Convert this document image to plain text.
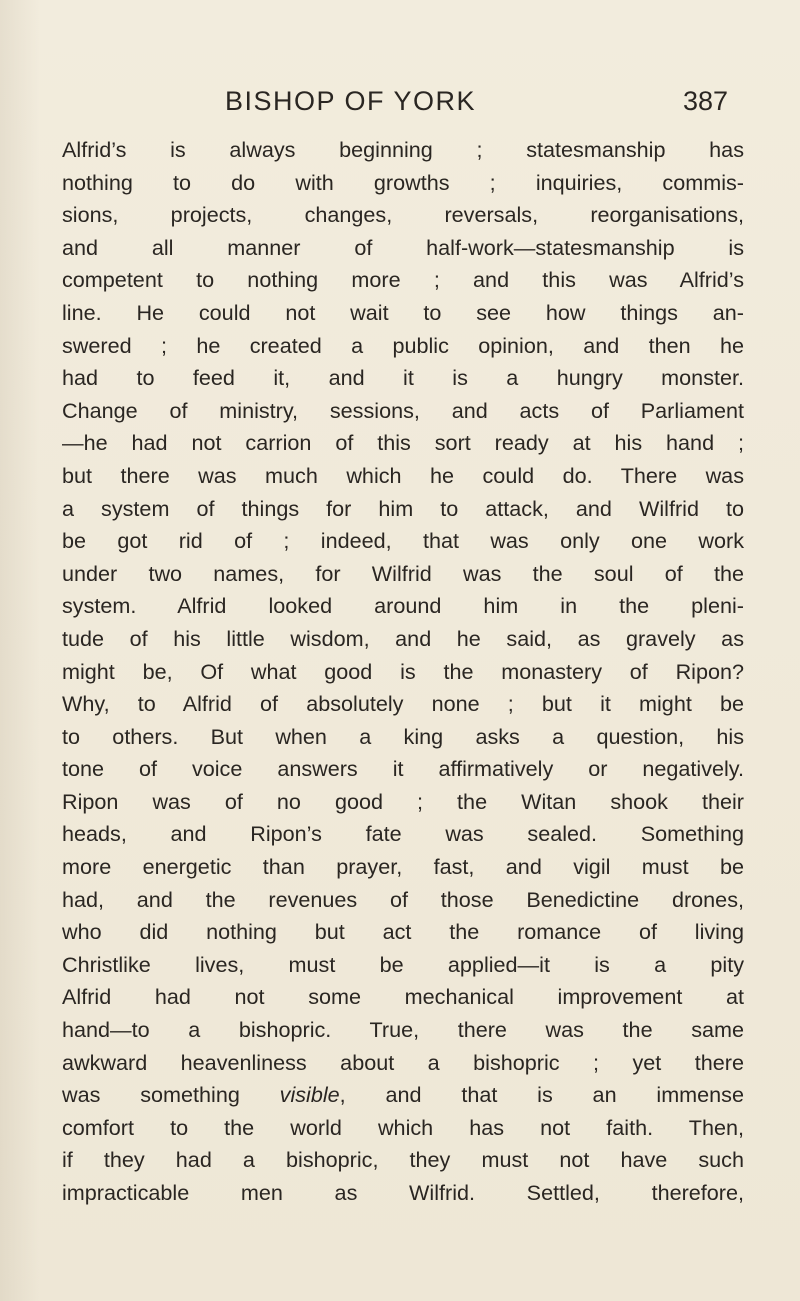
BISHOP OF YORK	387
Alfrid’s is always beginning ; statesmanship has
nothing to do with growths ; inquiries, commis-
sions, projects, changes, reversals, reorganisations,
and all manner of half-work—statesmanship is
competent to nothing more ; and this was Alfrid’s
line. He could not wait to see how things an-
swered ; he created a public opinion, and then he
had to feed it, and it is a hungry monster.
Change of ministry, sessions, and acts of Parliament
—he had not carrion of this sort ready at his hand ;
but there was much which he could do. There was
a system of things for him to attack, and Wilfrid to
be got rid of ; indeed, that was only one work
under two names, for Wilfrid was the soul of the
system. Alfrid looked around him in the pleni-
tude of his little wisdom, and he said, as gravely as
might be, Of what good is the monastery of Ripon?
Why, to Alfrid of absolutely none ; but it might be
to others. But when a king asks a question, his
tone of voice answers it affirmatively or negatively.
Ripon was of no good ; the Witan shook their
heads, and Ripon’s fate was sealed. Something
more energetic than prayer, fast, and vigil must be
had, and the revenues of those Benedictine drones,
who did nothing but act the romance of living
Christlike lives, must be applied—it is a pity
Alfrid had not some mechanical improvement at
hand—to a bishopric. True, there was the same
awkward heavenliness about a bishopric ; yet there
was something visible, and that is an immense
comfort to the world which has not faith. Then,
if they had a bishopric, they must not have such
impracticable men as Wilfrid. Settled, therefore,
